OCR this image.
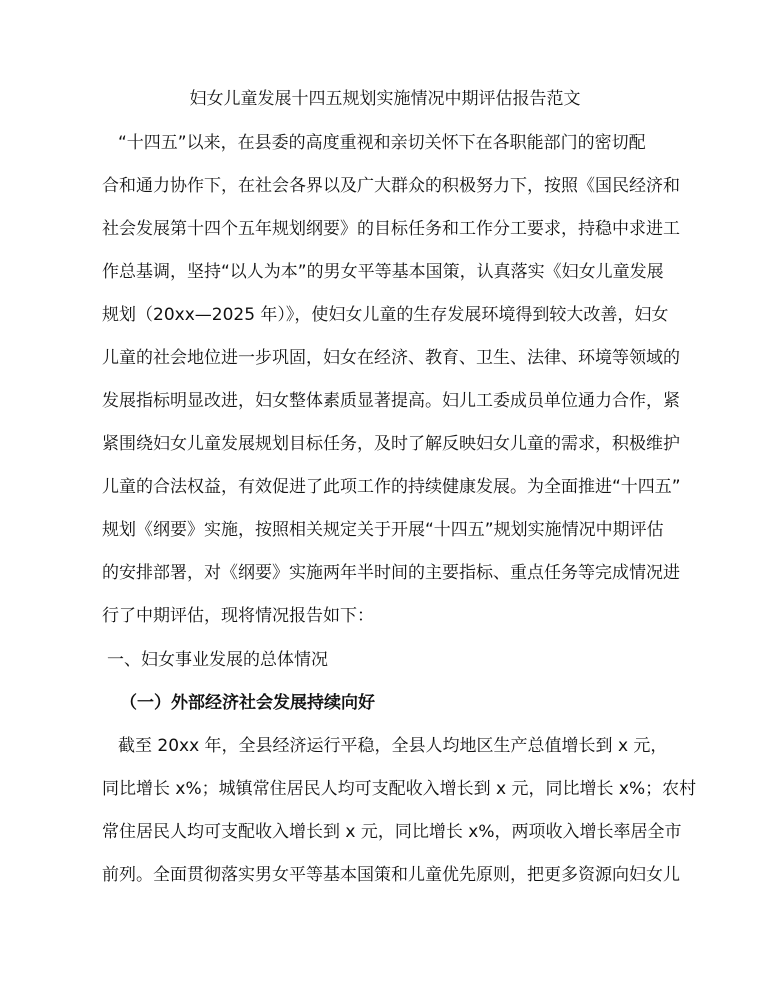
妇女儿童发展十四五规划实施情况中期评估报告范文
“十四五”以来，在县委的高度重视和亲切关怀下在各职能部门的密切配
合和通力协作下，在社会各界以及广大群众的积极努力下，按照《国民经济和
社会发展第十四个五年规划纲要》的目标任务和工作分工要求，持稳中求进工
作总基调，坚持“以人为本”的男女平等基本国策，认真落实《妇女儿童发展
规划（20xx—2025 年）》，使妇女儿童的生存发展环境得到较大改善，妇女
儿童的社会地位进一步巩固，妇女在经济、教育、卫生、法律、环境等领域的
发展指标明显改进，妇女整体素质显著提高。妇儿工委成员单位通力合作，紧
紧围绕妇女儿童发展规划目标任务，及时了解反映妇女儿童的需求，积极维护
儿童的合法权益，有效促进了此项工作的持续健康发展。为全面推进“十四五”
规划《纲要》实施，按照相关规定关于开展“十四五”规划实施情况中期评估
的安排部署，对《纲要》实施两年半时间的主要指标、重点任务等完成情况进
行了中期评估，现将情况报告如下：
一、妇女事业发展的总体情况
（一）外部经济社会发展持续向好
截至 20xx 年，全县经济运行平稳，全县人均地区生产总值增长到 x 元，
同比增长 x%；城镇常住居民人均可支配收入增长到 x 元，同比增长 x%；农村
常住居民人均可支配收入增长到 x 元，同比增长 x%，两项收入增长率居全市
前列。全面贯彻落实男女平等基本国策和儿童优先原则，把更多资源向妇女儿
